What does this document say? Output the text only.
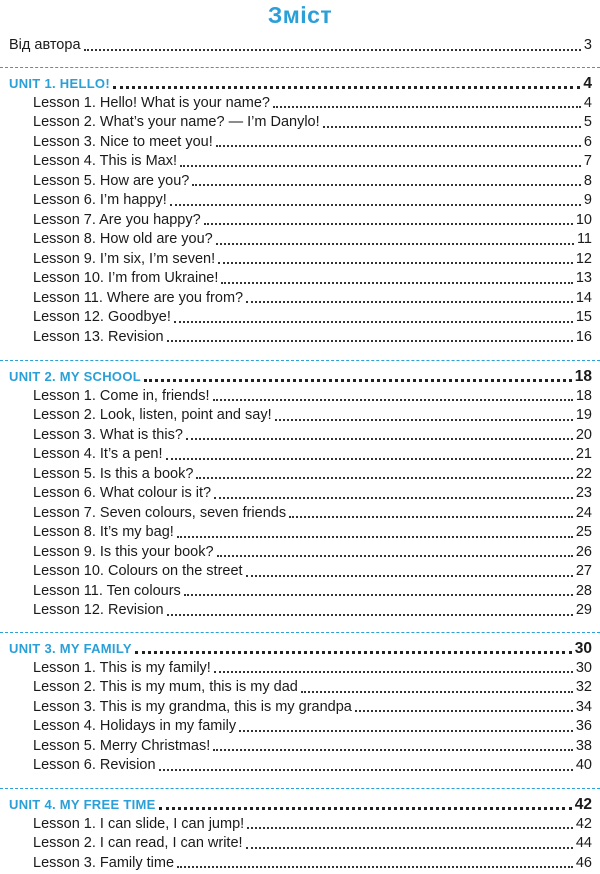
Зміст
Від автора	3
UNIT 1. HELLO!	4
Lesson 1. Hello! What is your name?	4
Lesson 2. What’s your name? — I’m Danylo!	5
Lesson 3. Nice to meet you!	6
Lesson 4. This is Max!	7
Lesson 5. How are you?	8
Lesson 6. I’m happy!	9
Lesson 7. Are you happy?	10
Lesson 8. How old are you?	11
Lesson 9. I’m six, I’m seven!	12
Lesson 10. I’m from Ukraine!	13
Lesson 11. Where are you from?	14
Lesson 12. Goodbye!	15
Lesson 13. Revision	16
UNIT 2. MY SCHOOL	18
Lesson 1. Come in, friends!	18
Lesson 2. Look, listen, point and say!	19
Lesson 3. What is this?	20
Lesson 4. It’s a pen!	21
Lesson 5. Is this a book?	22
Lesson 6. What colour is it?	23
Lesson 7. Seven colours, seven friends	24
Lesson 8. It’s my bag!	25
Lesson 9. Is this your book?	26
Lesson 10. Colours on the street	27
Lesson 11. Ten colours	28
Lesson 12. Revision	29
UNIT 3. MY FAMILY	30
Lesson 1. This is my family!	30
Lesson 2. This is my mum, this is my dad	32
Lesson 3. This is my grandma, this is my grandpa	34
Lesson 4. Holidays in my family	36
Lesson 5. Merry Christmas!	38
Lesson 6. Revision	40
UNIT 4. MY FREE TIME	42
Lesson 1. I can slide, I can jump!	42
Lesson 2. I can read, I can write!	44
Lesson 3. Family time	46
